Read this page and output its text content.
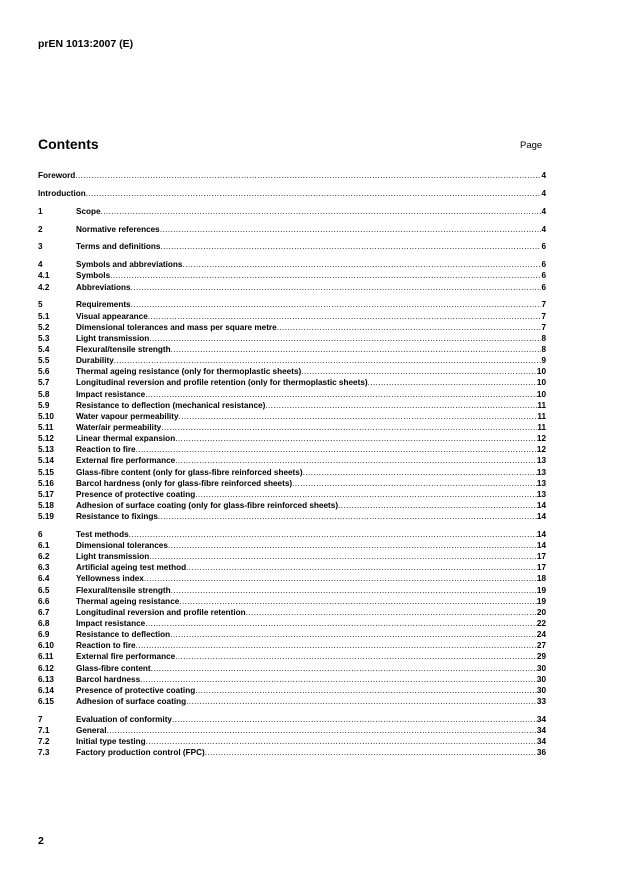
prEN 1013:2007 (E)
Contents	Page
Foreword .....	4
Introduction .....	4
1	Scope .....	4
2	Normative references .....	4
3	Terms and definitions .....	6
4	Symbols and abbreviations .....	6
4.1	Symbols .....	6
4.2	Abbreviations .....	6
5	Requirements .....	7
5.1	Visual appearance .....	7
5.2	Dimensional tolerances and mass per square metre .....	7
5.3	Light transmission .....	8
5.4	Flexural/tensile strength .....	8
5.5	Durability .....	9
5.6	Thermal ageing resistance (only for thermoplastic sheets) .....	10
5.7	Longitudinal reversion and profile retention (only for thermoplastic sheets) .....	10
5.8	Impact resistance .....	10
5.9	Resistance to deflection (mechanical resistance) .....	11
5.10	Water vapour permeability .....	11
5.11	Water/air permeability .....	11
5.12	Linear thermal expansion .....	12
5.13	Reaction to fire .....	12
5.14	External fire performance .....	13
5.15	Glass-fibre content (only for glass-fibre reinforced sheets) .....	13
5.16	Barcol hardness (only for glass-fibre reinforced sheets) .....	13
5.17	Presence of protective coating .....	13
5.18	Adhesion of surface coating (only for glass-fibre reinforced sheets) .....	14
5.19	Resistance to fixings .....	14
6	Test methods .....	14
6.1	Dimensional tolerances .....	14
6.2	Light transmission .....	17
6.3	Artificial ageing test method .....	17
6.4	Yellowness index .....	18
6.5	Flexural/tensile strength .....	19
6.6	Thermal ageing resistance .....	19
6.7	Longitudinal reversion and profile retention .....	20
6.8	Impact resistance .....	22
6.9	Resistance to deflection .....	24
6.10	Reaction to fire .....	27
6.11	External fire performance .....	29
6.12	Glass-fibre content .....	30
6.13	Barcol hardness .....	30
6.14	Presence of protective coating .....	30
6.15	Adhesion of surface coating .....	33
7	Evaluation of conformity .....	34
7.1	General .....	34
7.2	Initial type testing .....	34
7.3	Factory production control (FPC) .....	36
2
